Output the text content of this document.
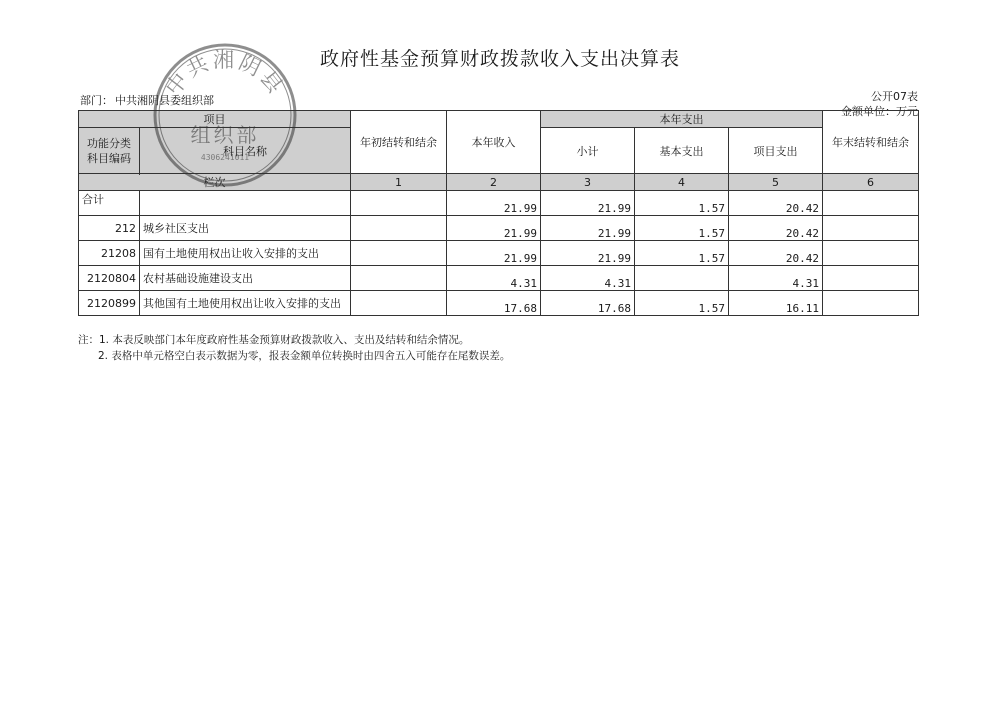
政府性基金预算财政拨款收入支出决算表
公开07表
部门： 中共湘阴县委组织部
金额单位：万元
项目		年初结转和结余	本年收入	本年支出			年末结转和结余

功能分类
科目编码	科目名称			小计	基本支出	项目支出	

栏次		1	2	3	4	5	6
合计			21.99	21.99	1.57	20.42	
212	城乡社区支出		21.99	21.99	1.57	20.42	
21208	国有土地使用权出让收入安排的支出		21.99	21.99	1.57	20.42	
2120804	农村基础设施建设支出		4.31	4.31		4.31	
2120899	其他国有土地使用权出让收入安排的支出		17.68	17.68	1.57	16.11	
注：1. 本表反映部门本年度政府性基金预算财政拨款收入、支出及结转和结余情况。
2. 表格中单元格空白表示数据为零，报表金额单位转换时由四舍五入可能存在尾数误差。
中共湘阴县
组织部
4306241011
